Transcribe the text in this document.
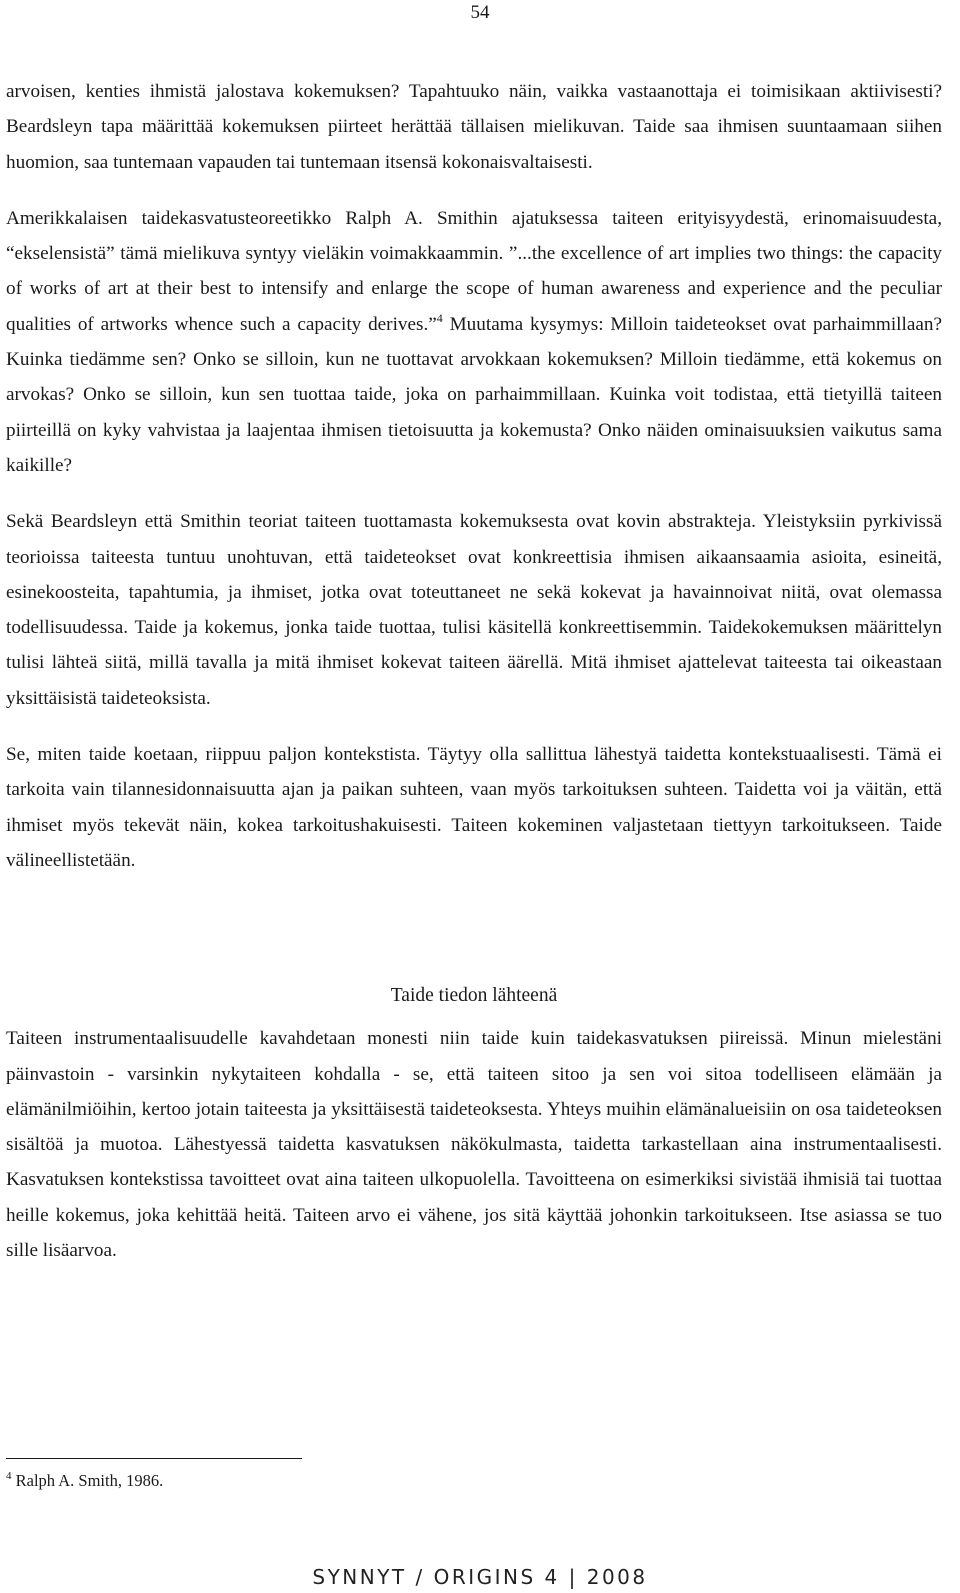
54

arvoisen, kenties ihmistä jalostava kokemuksen? Tapahtuuko näin, vaikka vastaanottaja ei toimisikaan aktiivisesti? Beardsleyn tapa määrittää kokemuksen piirteet herättää tällaisen mielikuvan. Taide saa ihmisen suuntaamaan siihen huomion, saa tuntemaan vapauden tai tuntemaan itsensä kokonaisvaltaisesti.

Amerikkalaisen taidekasvatusteoreetikko Ralph A. Smithin ajatuksessa taiteen erityisyydestä, erinomaisuudesta, “ekselensistä” tämä mielikuva syntyy vieläkin voimakkaammin. ”...the excellence of art implies two things: the capacity of works of art at their best to intensify and enlarge the scope of human awareness and experience and the peculiar qualities of artworks whence such a capacity derives.”$^4$ Muutama kysymys: Milloin taideteokset ovat parhaimmillaan? Kuinka tiedämme sen? Onko se silloin, kun ne tuottavat arvokkaan kokemuksen? Milloin tiedämme, että kokemus on arvokas? Onko se silloin, kun sen tuottaa taide, joka on parhaimmillaan. Kuinka voit todistaa, että tietyillä taiteen piirteillä on kyky vahvistaa ja laajentaa ihmisen tietoisuutta ja kokemusta? Onko näiden ominaisuuksien vaikutus sama kaikille?

Sekä Beardsleyn että Smithin teoriat taiteen tuottamasta kokemuksesta ovat kovin abstrakteja. Yleistyksiin pyrkivissä teorioissa taiteesta tuntuu unohtuvan, että taideteokset ovat konkreettisia ihmisen aikaansaamia asioita, esineitä, esinekoosteita, tapahtumia, ja ihmiset, jotka ovat toteuttaneet ne sekä kokevat ja havainnoivat niitä, ovat olemassa todellisuudessa. Taide ja kokemus, jonka taide tuottaa, tulisi käsitellä konkreettisemmin. Taidekokemuksen määrittelyn tulisi lähteä siitä, millä tavalla ja mitä ihmiset kokevat taiteen äärellä. Mitä ihmiset ajattelevat taiteesta tai oikeastaan yksittäisistä taideteoksista.

Se, miten taide koetaan, riippuu paljon kontekstista. Täytyy olla sallittua lähestyä taidetta kontekstuaalisesti. Tämä ei tarkoita vain tilannesidonnaisuutta ajan ja paikan suhteen, vaan myös tarkoituksen suhteen. Taidetta voi ja väitän, että ihmiset myös tekevät näin, kokea tarkoitushakuisesti. Taiteen kokeminen valjastetaan tiettyyn tarkoitukseen. Taide välineellistetään.

Taide tiedon lähteenä

Taiteen instrumentaalisuudelle kavahdetaan monesti niin taide kuin taidekasvatuksen piireissä. Minun mielestäni päinvastoin - varsinkin nykytaiteen kohdalla - se, että taiteen sitoo ja sen voi sitoa todelliseen elämään ja elämänilmiöihin, kertoo jotain taiteesta ja yksittäisestä taideteoksesta. Yhteys muihin elämänalueisiin on osa taideteoksen sisältöä ja muotoa. Lähestyessä taidetta kasvatuksen näkökulmasta, taidetta tarkastellaan aina instrumentaalisesti. Kasvatuksen kontekstissa tavoitteet ovat aina taiteen ulkopuolella. Tavoitteena on esimerkiksi sivistää ihmisiä tai tuottaa heille kokemus, joka kehittää heitä. Taiteen arvo ei vähene, jos sitä käyttää johonkin tarkoitukseen. Itse asiassa se tuo sille lisäarvoa.

$^4$ Ralph A. Smith, 1986.
SYNNYT / ORIGINS 4 | 2008
